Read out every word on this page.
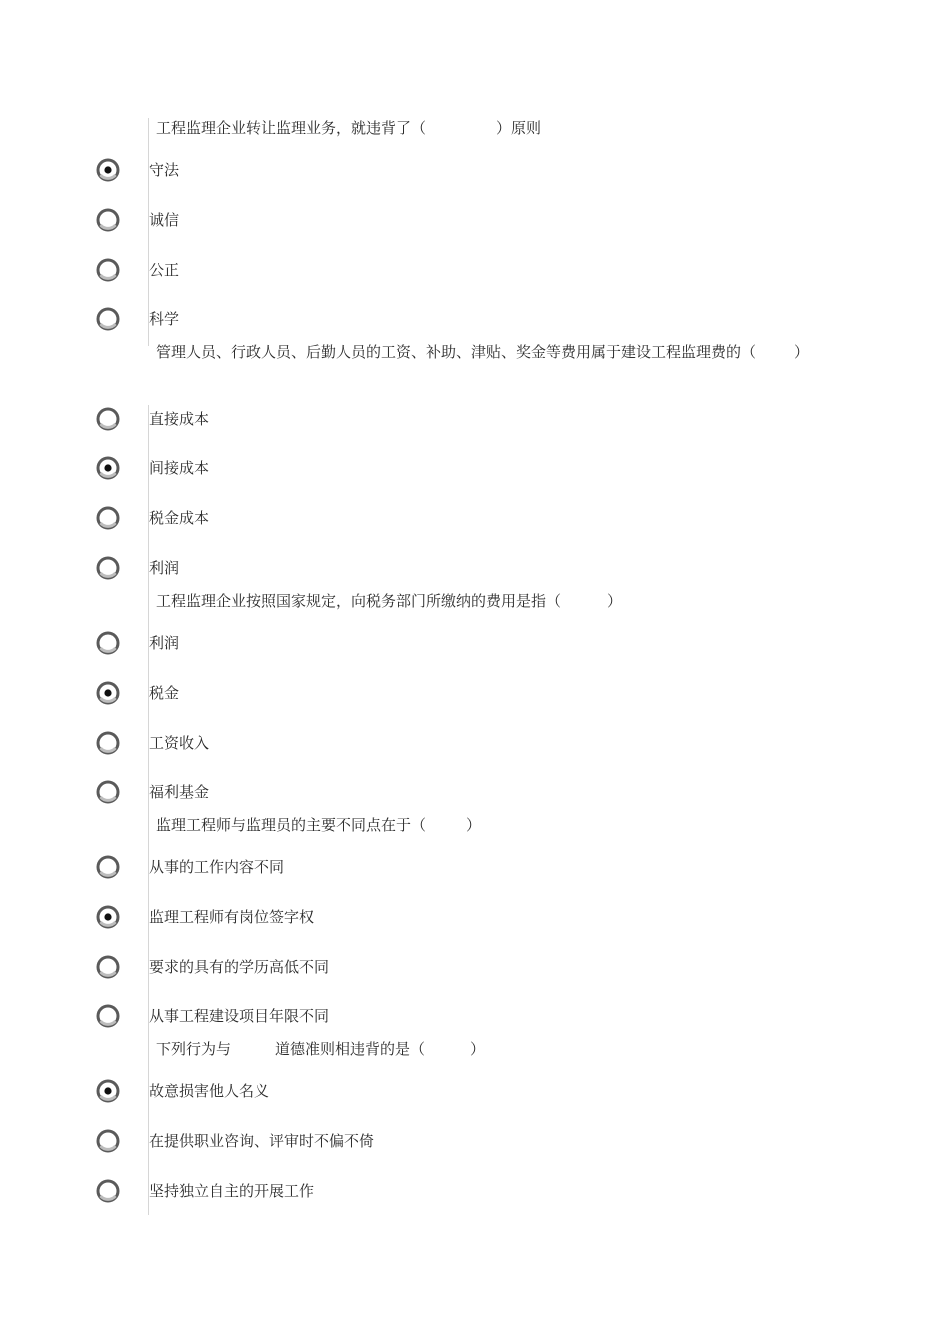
工程监理企业转让监理业务，就违背了（	）原则
守法
诚信
公正
科学
管理人员、行政人员、后勤人员的工资、补助、津贴、奖金等费用属于建设工程监理费的（	）
直接成本
间接成本
税金成本
利润
工程监理企业按照国家规定，向税务部门所缴纳的费用是指（	）
利润
税金
工资收入
福利基金
监理工程师与监理员的主要不同点在于（	）
从事的工作内容不同
监理工程师有岗位签字权
要求的具有的学历高低不同
从事工程建设项目年限不同
下列行为与	道德准则相违背的是（　　　）
故意损害他人名义
在提供职业咨询、评审时不偏不倚
坚持独立自主的开展工作
